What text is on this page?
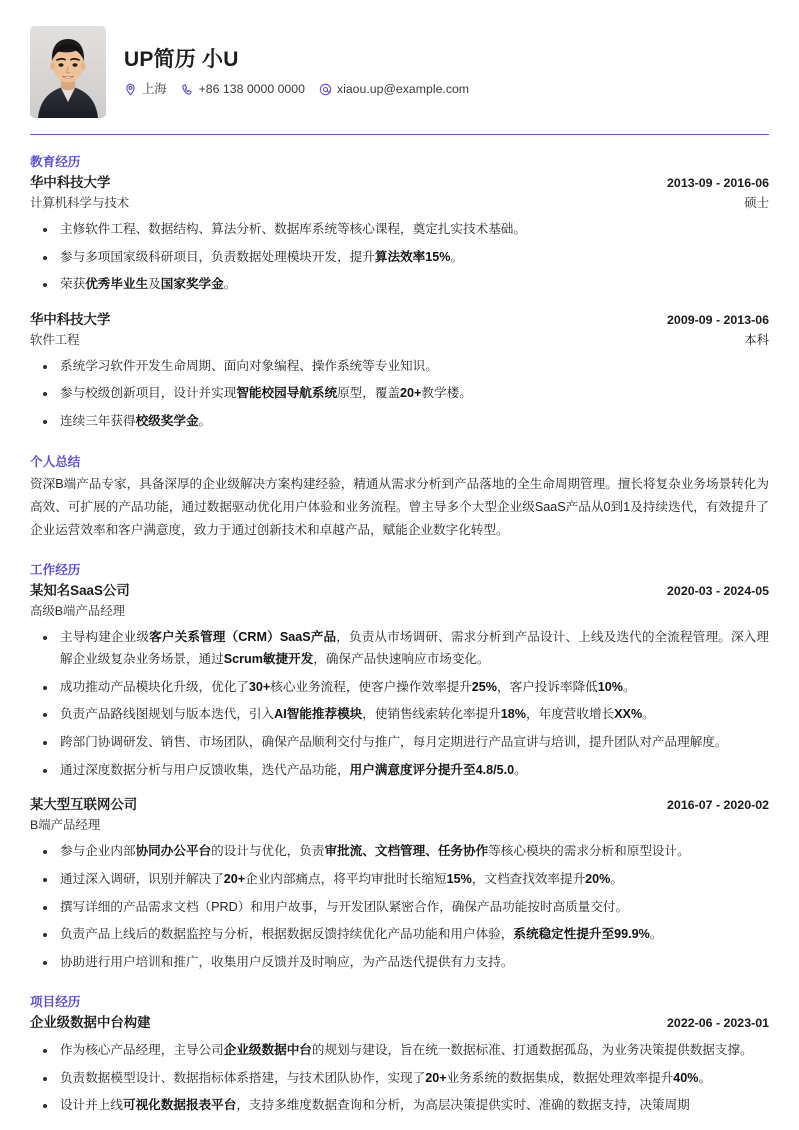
UP简历 小U
上海	+86 138 0000 0000	xiaou.up@example.com
教育经历
华中科技大学	2013-09 - 2016-06
计算机科学与技术	硕士
主修软件工程、数据结构、算法分析、数据库系统等核心课程，奠定扎实技术基础。
参与多项国家级科研项目，负责数据处理模块开发，提升算法效率15%。
荣获优秀毕业生及国家奖学金。
华中科技大学	2009-09 - 2013-06
软件工程	本科
系统学习软件开发生命周期、面向对象编程、操作系统等专业知识。
参与校级创新项目，设计并实现智能校园导航系统原型，覆盖20+教学楼。
连续三年获得校级奖学金。
个人总结
资深B端产品专家，具备深厚的企业级解决方案构建经验，精通从需求分析到产品落地的全生命周期管理。擅长将复杂业务场景转化为高效、可扩展的产品功能，通过数据驱动优化用户体验和业务流程。曾主导多个大型企业级SaaS产品从0到1及持续迭代，有效提升了企业运营效率和客户满意度，致力于通过创新技术和卓越产品，赋能企业数字化转型。
工作经历
某知名SaaS公司	2020-03 - 2024-05
高级B端产品经理
主导构建企业级客户关系管理（CRM）SaaS产品，负责从市场调研、需求分析到产品设计、上线及迭代的全流程管理。深入理解企业级复杂业务场景，通过Scrum敏捷开发，确保产品快速响应市场变化。
成功推动产品模块化升级，优化了30+核心业务流程，使客户操作效率提升25%，客户投诉率降低10%。
负责产品路线图规划与版本迭代，引入AI智能推荐模块，使销售线索转化率提升18%，年度营收增长XX%。
跨部门协调研发、销售、市场团队，确保产品顺利交付与推广，每月定期进行产品宣讲与培训，提升团队对产品理解度。
通过深度数据分析与用户反馈收集，迭代产品功能，用户满意度评分提升至4.8/5.0。
某大型互联网公司	2016-07 - 2020-02
B端产品经理
参与企业内部协同办公平台的设计与优化，负责审批流、文档管理、任务协作等核心模块的需求分析和原型设计。
通过深入调研，识别并解决了20+企业内部痛点，将平均审批时长缩短15%，文档查找效率提升20%。
撰写详细的产品需求文档（PRD）和用户故事，与开发团队紧密合作，确保产品功能按时高质量交付。
负责产品上线后的数据监控与分析，根据数据反馈持续优化产品功能和用户体验，系统稳定性提升至99.9%。
协助进行用户培训和推广，收集用户反馈并及时响应，为产品迭代提供有力支持。
项目经历
企业级数据中台构建	2022-06 - 2023-01
作为核心产品经理，主导公司企业级数据中台的规划与建设，旨在统一数据标准、打通数据孤岛，为业务决策提供数据支撑。
负责数据模型设计、数据指标体系搭建，与技术团队协作，实现了20+业务系统的数据集成，数据处理效率提升40%。
设计并上线可视化数据报表平台，支持多维度数据查询和分析，为高层决策提供实时、准确的数据支持，决策周期
